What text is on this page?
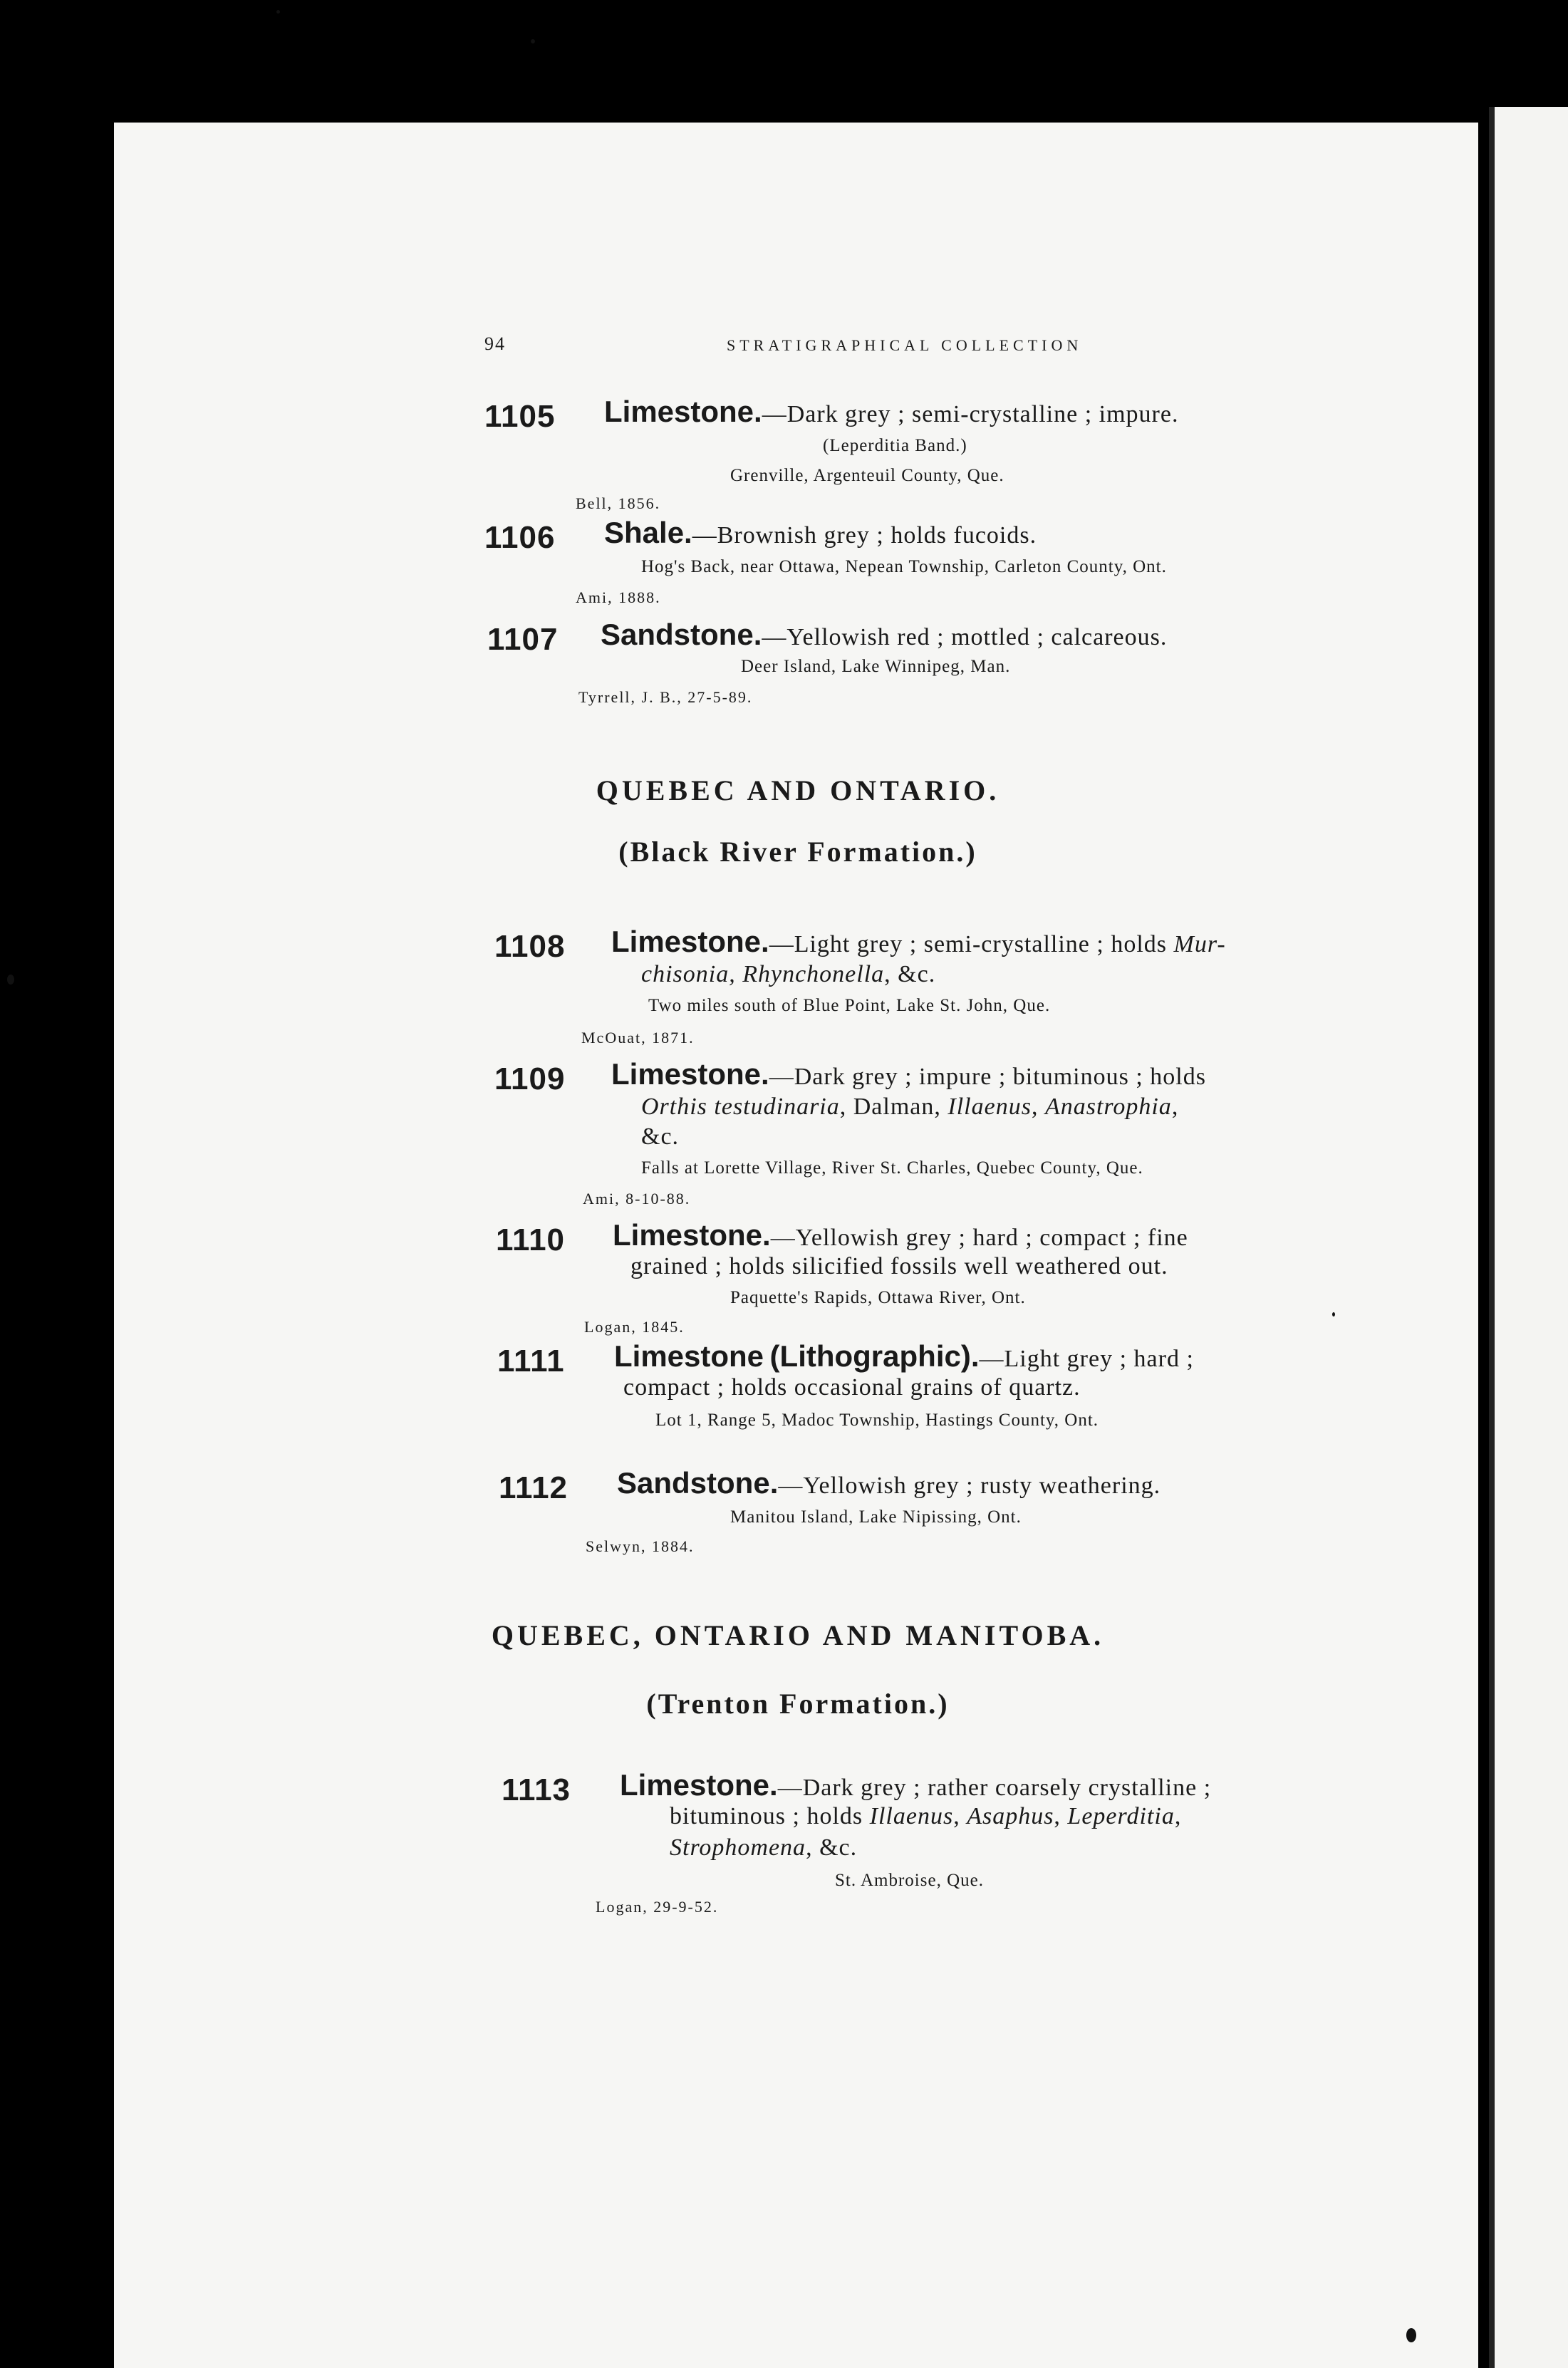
94	STRATIGRAPHICAL COLLECTION
1105 Limestone.—Dark grey ; semi-crystalline ; impure.
(Leperditia Band.)
Grenville, Argenteuil County, Que.
Bell, 1856.
1106 Shale.—Brownish grey ; holds fucoids.
Hog's Back, near Ottawa, Nepean Township, Carleton County, Ont.
Ami, 1888.
1107 Sandstone.—Yellowish red ; mottled ; calcareous.
Deer Island, Lake Winnipeg, Man.
Tyrrell, J. B., 27-5-89.
QUEBEC AND ONTARIO.
(Black River Formation.)
1108 Limestone.—Light grey ; semi-crystalline ; holds Mur-
chisonia, Rhynchonella, &c.
Two miles south of Blue Point, Lake St. John, Que.
McOuat, 1871.
1109 Limestone.—Dark grey ; impure ; bituminous ; holds
Orthis testudinaria, Dalman, Illaenus, Anastrophia,
&c.
Falls at Lorette Village, River St. Charles, Quebec County, Que.
Ami, 8-10-88.
1110 Limestone.—Yellowish grey ; hard ; compact ; fine
grained ; holds silicified fossils well weathered out.
Paquette's Rapids, Ottawa River, Ont.
Logan, 1845.
1111 Limestone (Lithographic).—Light grey ; hard ;
compact ; holds occasional grains of quartz.
Lot 1, Range 5, Madoc Township, Hastings County, Ont.
1112 Sandstone.—Yellowish grey ; rusty weathering.
Manitou Island, Lake Nipissing, Ont.
Selwyn, 1884.
QUEBEC, ONTARIO AND MANITOBA.
(Trenton Formation.)
1113 Limestone.—Dark grey ; rather coarsely crystalline ;
bituminous ; holds Illaenus, Asaphus, Leperditia,
Strophomena, &c.
St. Ambroise, Que.
Logan, 29-9-52.
